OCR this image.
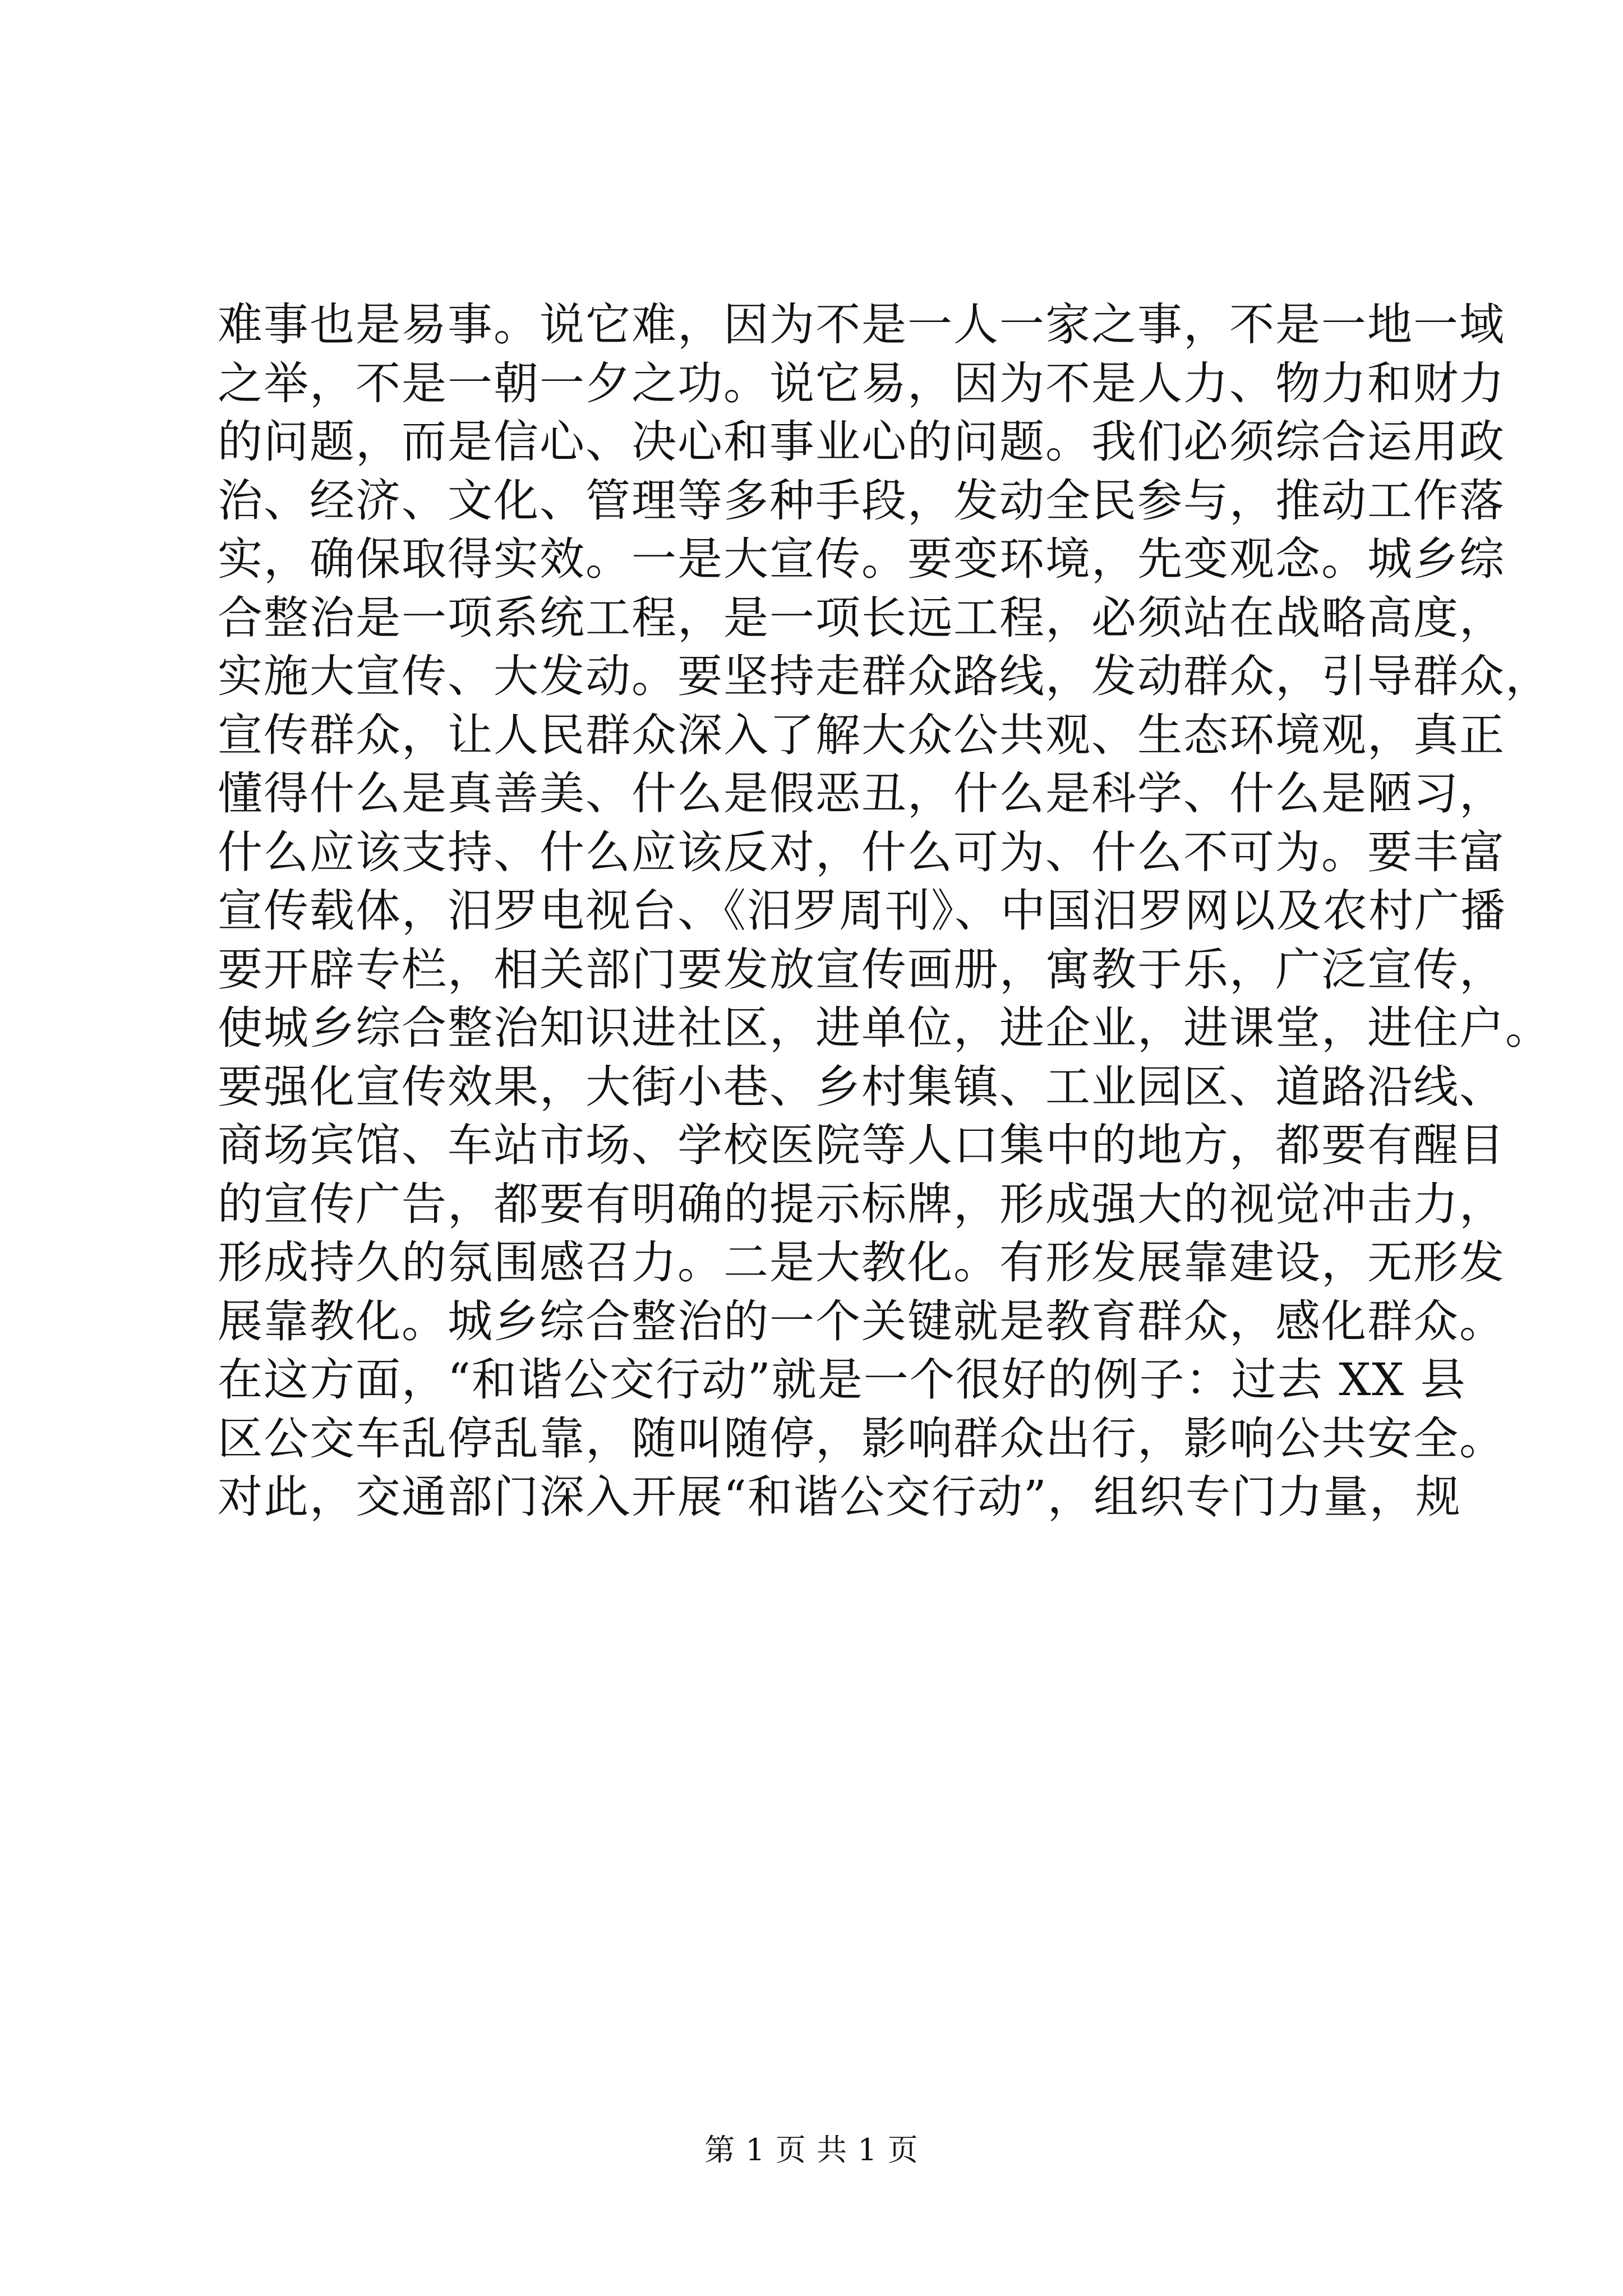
难事也是易事。说它难，因为不是一人一家之事，不是一地一域
之举，不是一朝一夕之功。说它易，因为不是人力、物力和财力
的问题，而是信心、决心和事业心的问题。我们必须综合运用政
治、经济、文化、管理等多种手段，发动全民参与，推动工作落
实，确保取得实效。一是大宣传。要变环境，先变观念。城乡综
合整治是一项系统工程，是一项长远工程，必须站在战略高度，
实施大宣传、大发动。要坚持走群众路线，发动群众，引导群众，
宣传群众，让人民群众深入了解大众公共观、生态环境观，真正
懂得什么是真善美、什么是假恶丑，什么是科学、什么是陋习，
什么应该支持、什么应该反对，什么可为、什么不可为。要丰富
宣传载体，汨罗电视台、《汨罗周刊》、中国汨罗网以及农村广播
要开辟专栏，相关部门要发放宣传画册，寓教于乐，广泛宣传，
使城乡综合整治知识进社区，进单位，进企业，进课堂，进住户。
要强化宣传效果，大街小巷、乡村集镇、工业园区、道路沿线、
商场宾馆、车站市场、学校医院等人口集中的地方，都要有醒目
的宣传广告，都要有明确的提示标牌，形成强大的视觉冲击力，
形成持久的氛围感召力。二是大教化。有形发展靠建设，无形发
展靠教化。城乡综合整治的一个关键就是教育群众，感化群众。
在这方面，“和谐公交行动”就是一个很好的例子：过去 XX 县
区公交车乱停乱靠，随叫随停，影响群众出行，影响公共安全。
对此，交通部门深入开展“和谐公交行动”，组织专门力量，规
第 1 页 共 1 页
